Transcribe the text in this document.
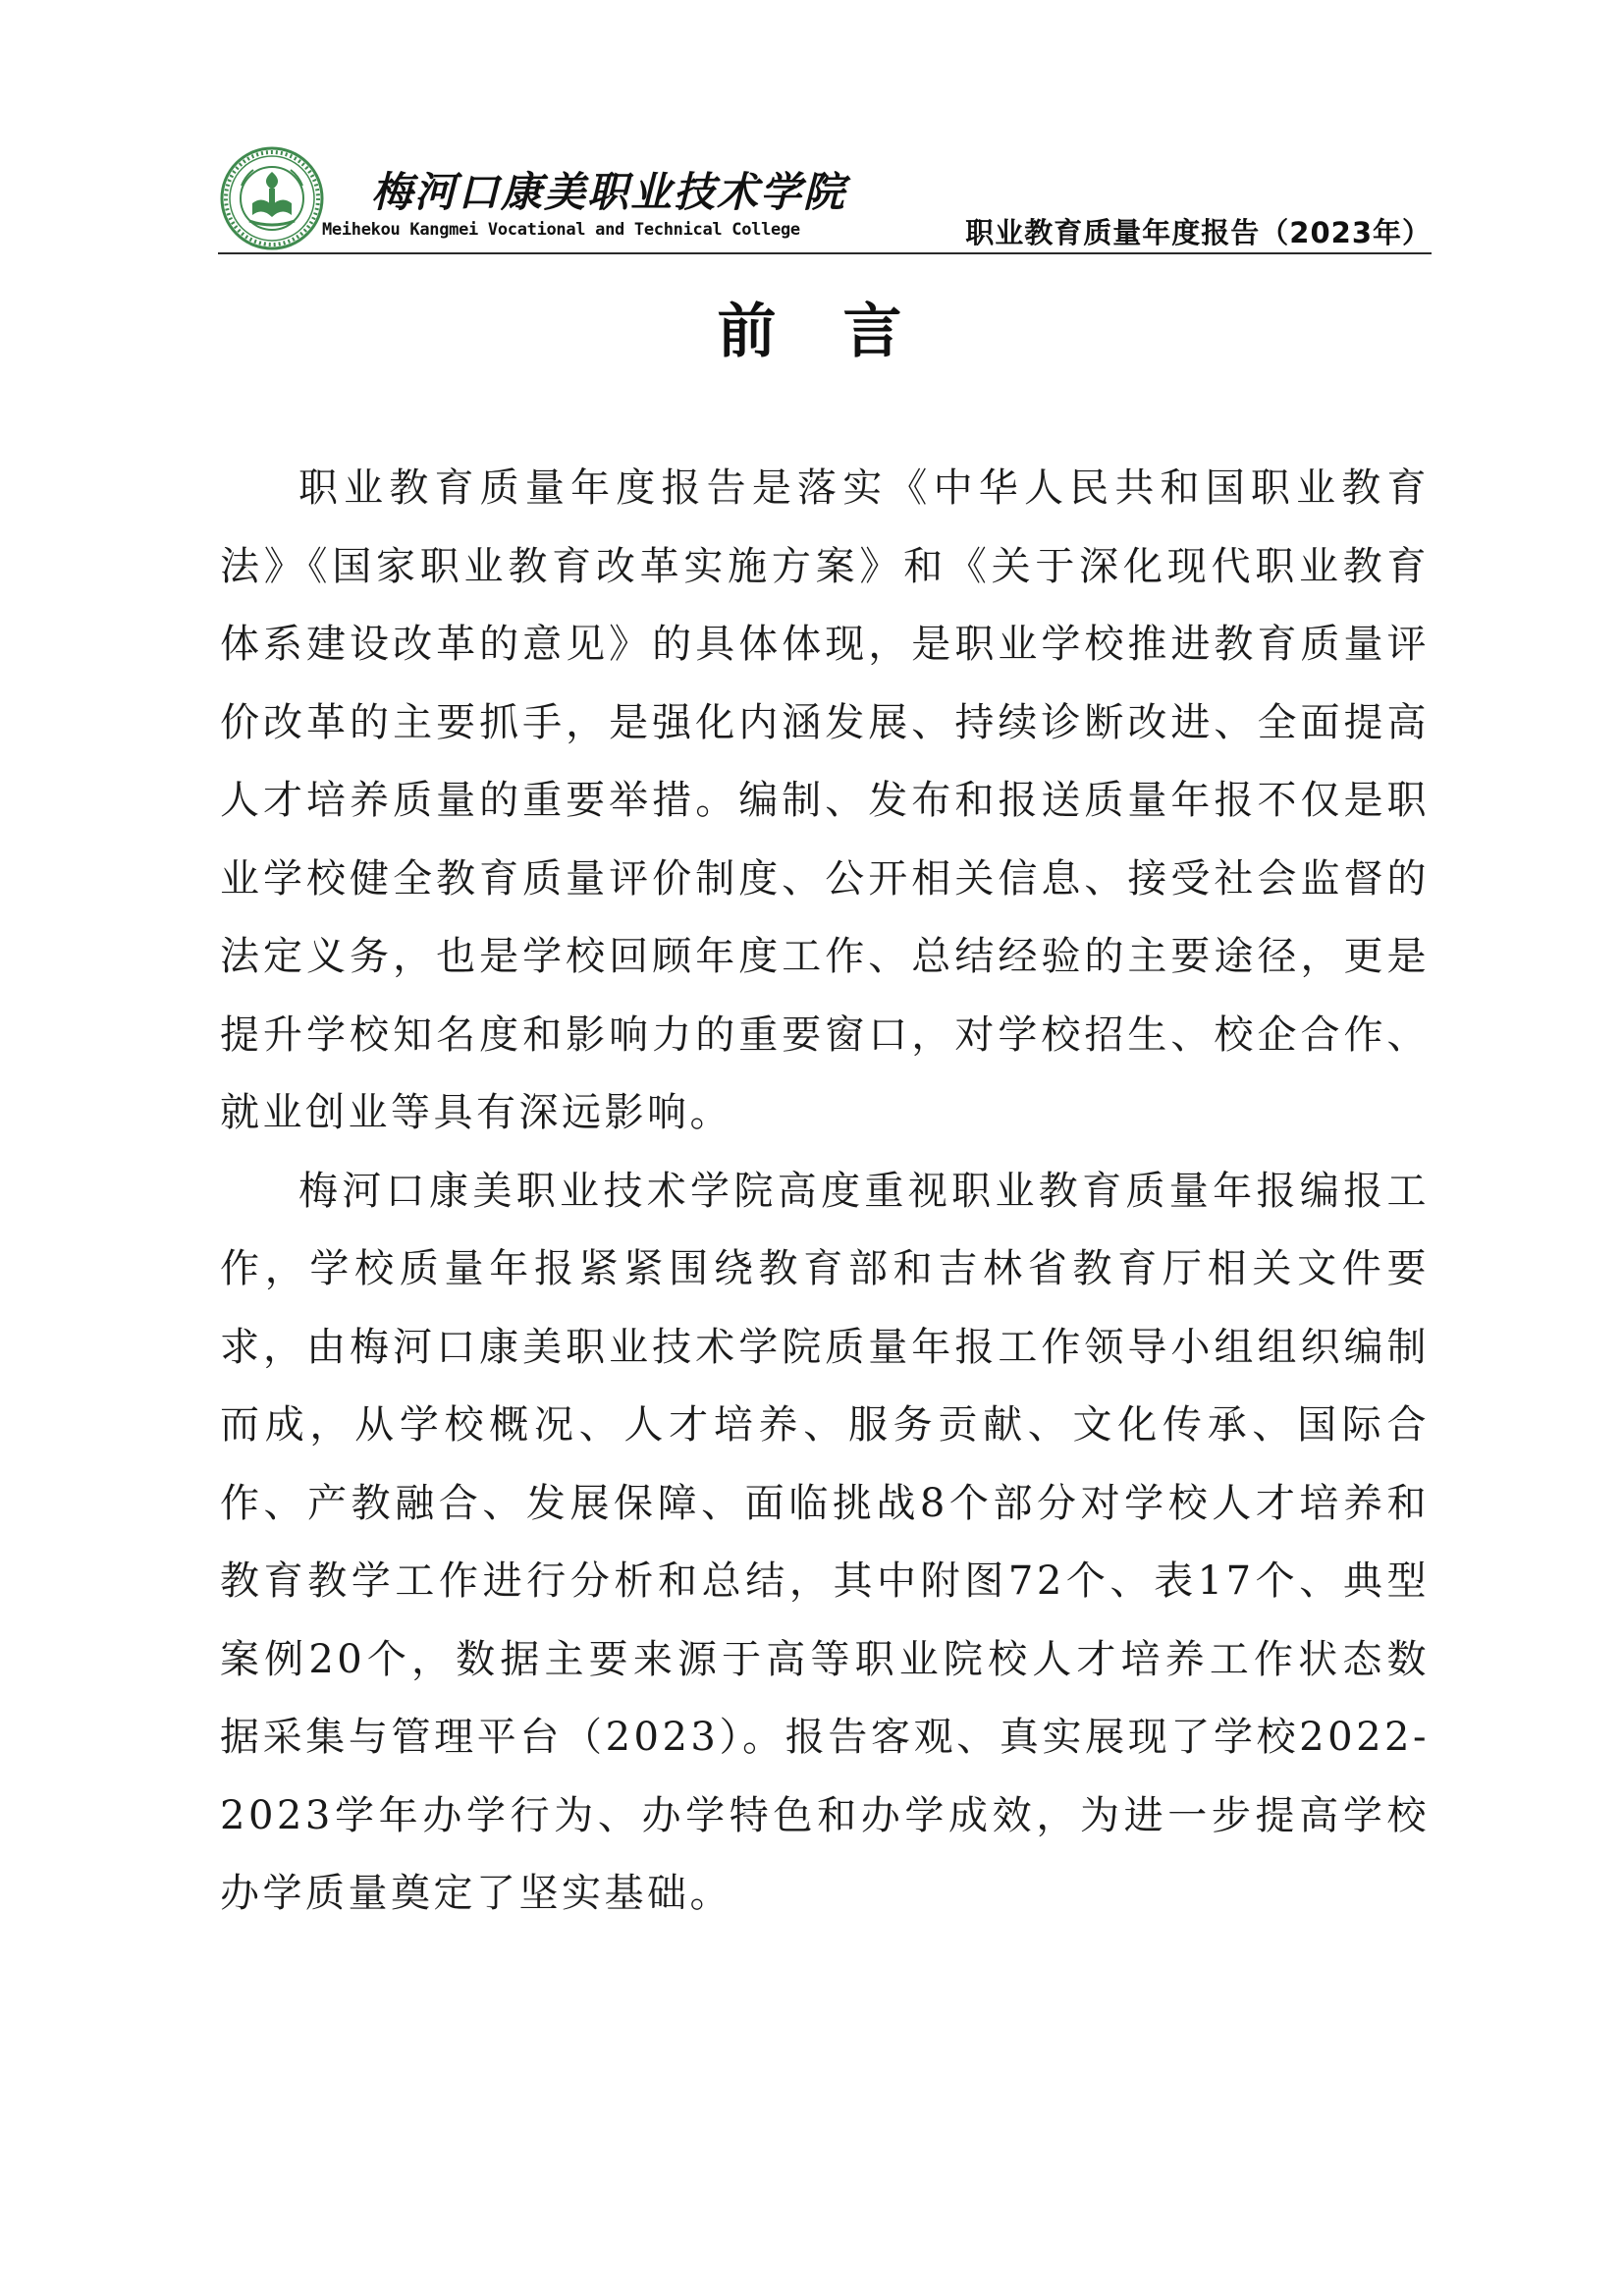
梅河口康美职业技术学院
Meihekou Kangmei Vocational and Technical College	职业教育质量年度报告（2023年）
前　言

职业教育质量年度报告是落实《中华人民共和国职业教育法》《国家职业教育改革实施方案》和《关于深化现代职业教育体系建设改革的意见》的具体体现，是职业学校推进教育质量评价改革的主要抓手，是强化内涵发展、持续诊断改进、全面提高人才培养质量的重要举措。编制、发布和报送质量年报不仅是职业学校健全教育质量评价制度、公开相关信息、接受社会监督的法定义务，也是学校回顾年度工作、总结经验的主要途径，更是提升学校知名度和影响力的重要窗口，对学校招生、校企合作、就业创业等具有深远影响。

梅河口康美职业技术学院高度重视职业教育质量年报编报工作，学校质量年报紧紧围绕教育部和吉林省教育厅相关文件要求，由梅河口康美职业技术学院质量年报工作领导小组组织编制而成，从学校概况、人才培养、服务贡献、文化传承、国际合作、产教融合、发展保障、面临挑战8个部分对学校人才培养和教育教学工作进行分析和总结，其中附图72个、表17个、典型案例20个，数据主要来源于高等职业院校人才培养工作状态数据采集与管理平台（2023）。报告客观、真实展现了学校2022-2023学年办学行为、办学特色和办学成效，为进一步提高学校办学质量奠定了坚实基础。
